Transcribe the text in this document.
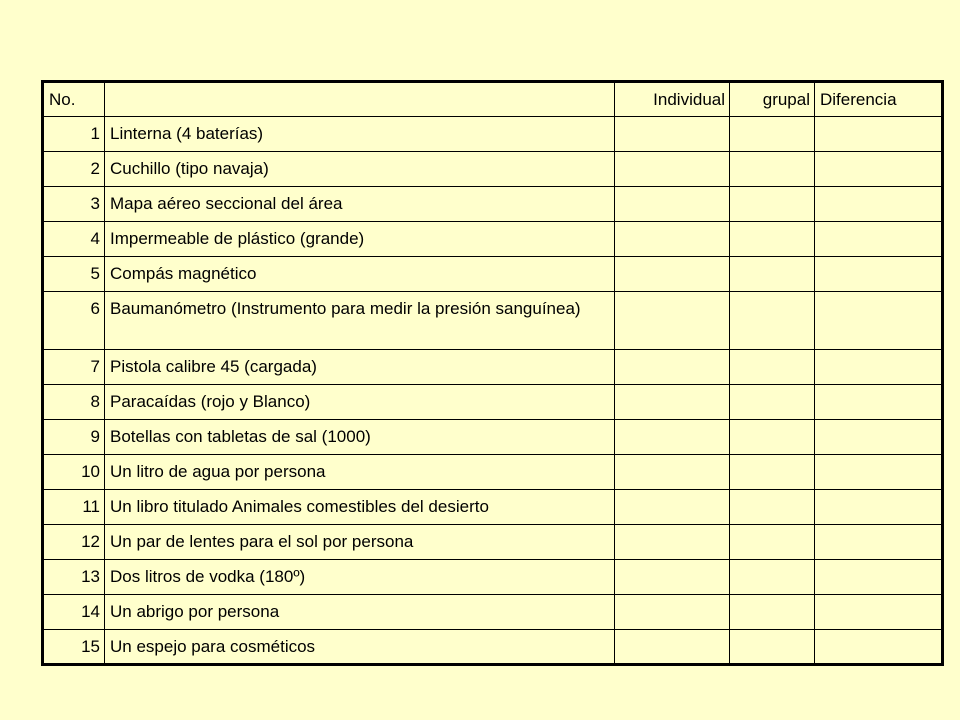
No.		Individual	grupal	Diferencia
1	Linterna (4 baterías)			
2	Cuchillo (tipo navaja)			
3	Mapa aéreo seccional del área			
4	Impermeable de plástico (grande)			
5	Compás magnético			
6	Baumanómetro (Instrumento para medir la presión sanguínea)			
7	Pistola calibre 45 (cargada)			
8	Paracaídas (rojo y Blanco)			
9	Botellas con tabletas de sal (1000)			
10	Un litro de agua por persona			
11	Un libro titulado Animales comestibles del desierto			
12	Un par de lentes para el sol por persona			
13	Dos litros de vodka (180º)			
14	Un abrigo por persona			
15	Un espejo para cosméticos			
